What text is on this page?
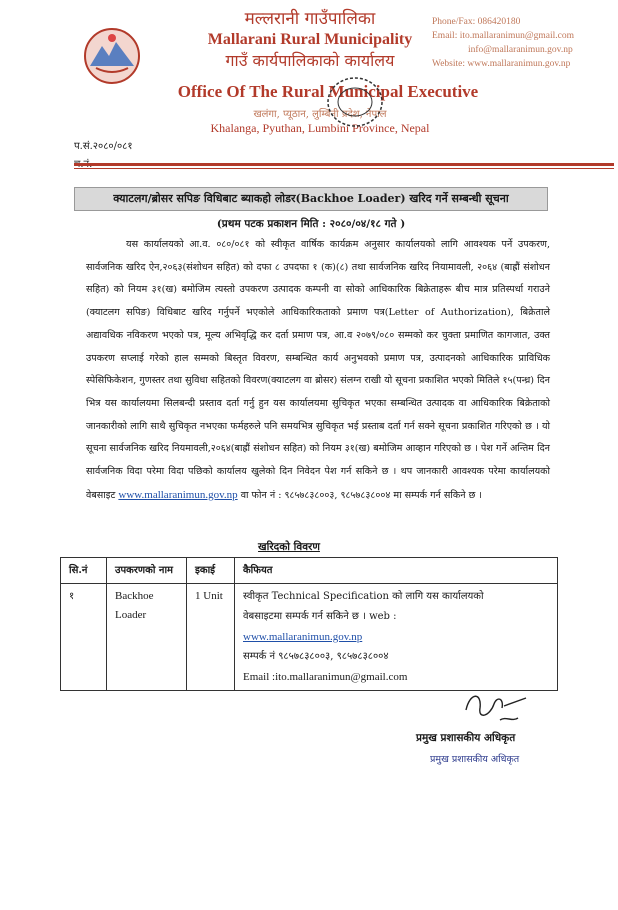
मल्लरानी गाउँपालिका
Mallarani Rural Municipality
गाउँ कार्यपालिकाको कार्यालय
Office Of The Rural Municipal Executive
खलंगा, प्यूठान, लुम्बिनी प्रदेश, नेपाल
Khalanga, Pyuthan, Lumbini Province, Nepal
Phone/Fax: 086420180
Email: ito.mallaranimun@gmail.com
info@mallaranimun.gov.np
Website: www.mallaranimun.gov.np
प.सं.२०८०/०८१
क्याटलग/ब्रोसर सपिङ विधिबाट ब्याकहो लोडर(Backhoe Loader) खरिद गर्ने सम्बन्धी सूचना
(प्रथम पटक प्रकाशन मिति : २०८०/०४/१८ गते )
यस कार्यालयको आ.व. ०८०/०८१ को स्वीकृत वार्षिक कार्यक्रम अनुसार कार्यालयको लागि आवश्यक पर्ने उपकरण, सार्वजनिक खरिद ऐन,२०६३(संशोधन सहित) को दफा ८ उपदफा १ (क)(८) तथा सार्वजनिक खरिद नियामावली, २०६४ (बाह्रौं संशोधन सहित) को नियम ३१(ख) बमोजिम त्यस्तो उपकरण उत्पादक कम्पनी वा सोको आधिकारिक बिक्रेताहरू बीच मात्र प्रतिस्पर्धा गराउने (क्याटलग सपिङ) विधिबाट खरिद गर्नुपर्ने भएकोले आधिकारिकताको प्रमाण पत्र(Letter of Authorization), बिक्रेताले अद्यावधिक नविकरण भएको पत्र, मूल्य अभिवृद्धि कर दर्ता प्रमाण पत्र, आ.व २०७९/०८० सम्मको कर चुक्ता प्रमाणित कागजात, उक्त उपकरण सप्लाई गरेको हाल सम्मको बिस्तृत विवरण, सम्बन्धित कार्य अनुभवको प्रमाण पत्र, उत्पादनको आधिकारिक प्राविधिक स्पेसिफिकेशन, गुणस्तर तथा सुविधा सहितको विवरण(क्याटलग वा ब्रोसर) संलग्न राखी यो सूचना प्रकाशित भएको मितिले १५(पन्ध्र) दिन भित्र यस कार्यालयमा सिलबन्दी प्रस्ताव दर्ता गर्नु हुन यस कार्यालयमा सुचिकृत भएका सम्बन्धित उत्पादक वा आधिकारिक बिक्रेताको जानकारीको लागि साथै सुचिकृत नभएका फर्महरुले पनि समयभित्र सुचिकृत भई प्रस्ताब दर्ता गर्न सक्ने सूचना प्रकाशित गरिएको छ । यो सूचना सार्वजनिक खरिद नियमावली,२०६४(बाह्रौं संशोधन सहित) को नियम ३१(ख) बमोजिम आव्हान गरिएको छ । पेश गर्ने अन्तिम दिन सार्वजनिक विदा परेमा विदा पछिको कार्यालय खुलेको दिन निवेदन पेश गर्न सकिने छ । थप जानकारी आवश्यक परेमा कार्यालयको वेबसाइट www.mallaranimun.gov.np वा फोन नं : ९८५७८३८००३, ९८५७८३८००४ मा सम्पर्क गर्न सकिने छ ।
खरिदको विवरण
सि.नं	उपकरणको नाम	इकाई	कैफियत
१	Backhoe Loader	1 Unit	स्वीकृत Technical Specification को लागि यस कार्यालयको
वेबसाइटमा सम्पर्क गर्न सकिने छ । web :
www.mallaranimun.gov.np
सम्पर्क नं ९८५७८३८००३, ९८५७८३८००४
Email :ito.mallaranimun@gmail.com
प्रमुख प्रशासकीय अधिकृत
प्रमुख प्रशासकीय अधिकृत
